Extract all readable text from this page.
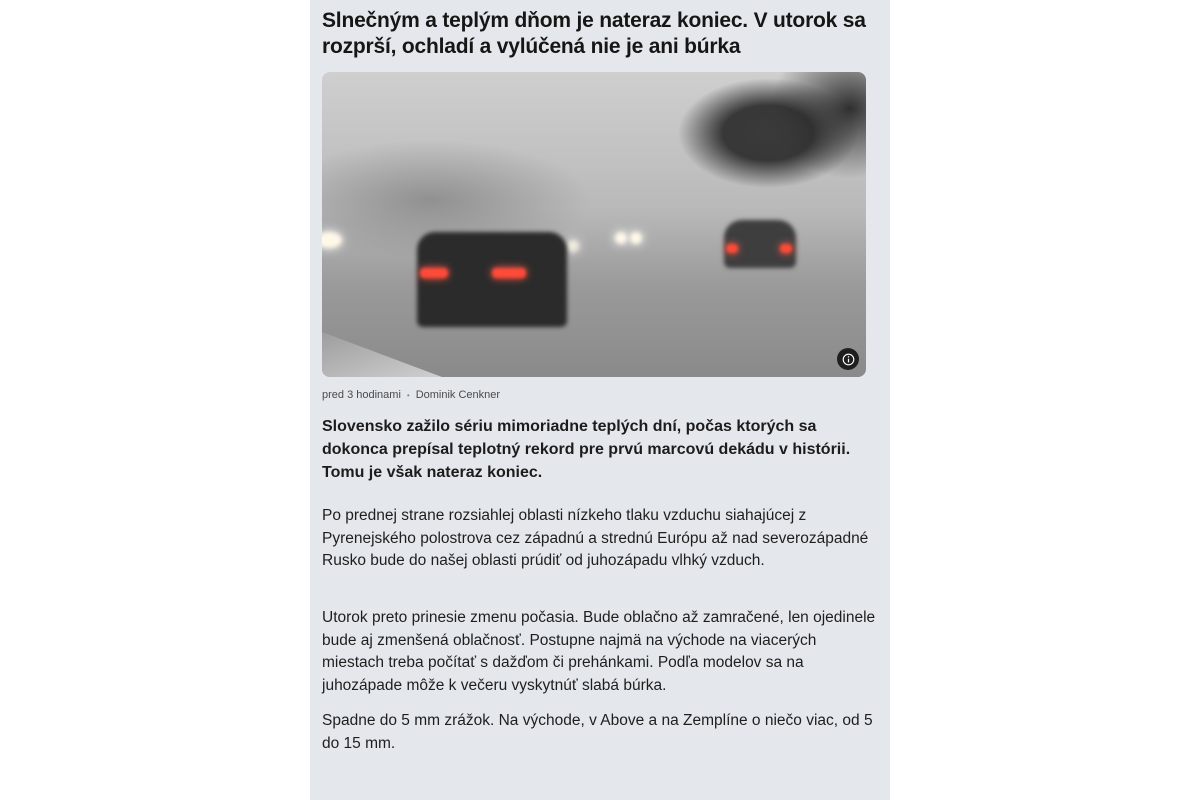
Slnečným a teplým dňom je nateraz koniec. V utorok sa rozprší, ochladí a vylúčená nie je ani búrka
pred 3 hodinami • Dominik Cenkner

Slovensko zažilo sériu mimoriadne teplých dní, počas ktorých sa dokonca prepísal teplotný rekord pre prvú marcovú dekádu v histórii. Tomu je však nateraz koniec.

Po prednej strane rozsiahlej oblasti nízkeho tlaku vzduchu siahajúcej z Pyrenejského polostrova cez západnú a strednú Európu až nad severozápadné Rusko bude do našej oblasti prúdiť od juhozápadu vlhký vzduch.

Utorok preto prinesie zmenu počasia. Bude oblačno až zamračené, len ojedinele bude aj zmenšená oblačnosť. Postupne najmä na východe na viacerých miestach treba počítať s dažďom či prehánkami. Podľa modelov sa na juhozápade môže k večeru vyskytnúť slabá búrka.

Spadne do 5 mm zrážok. Na východe, v Above a na Zemplíne o niečo viac, od 5 do 15 mm.
